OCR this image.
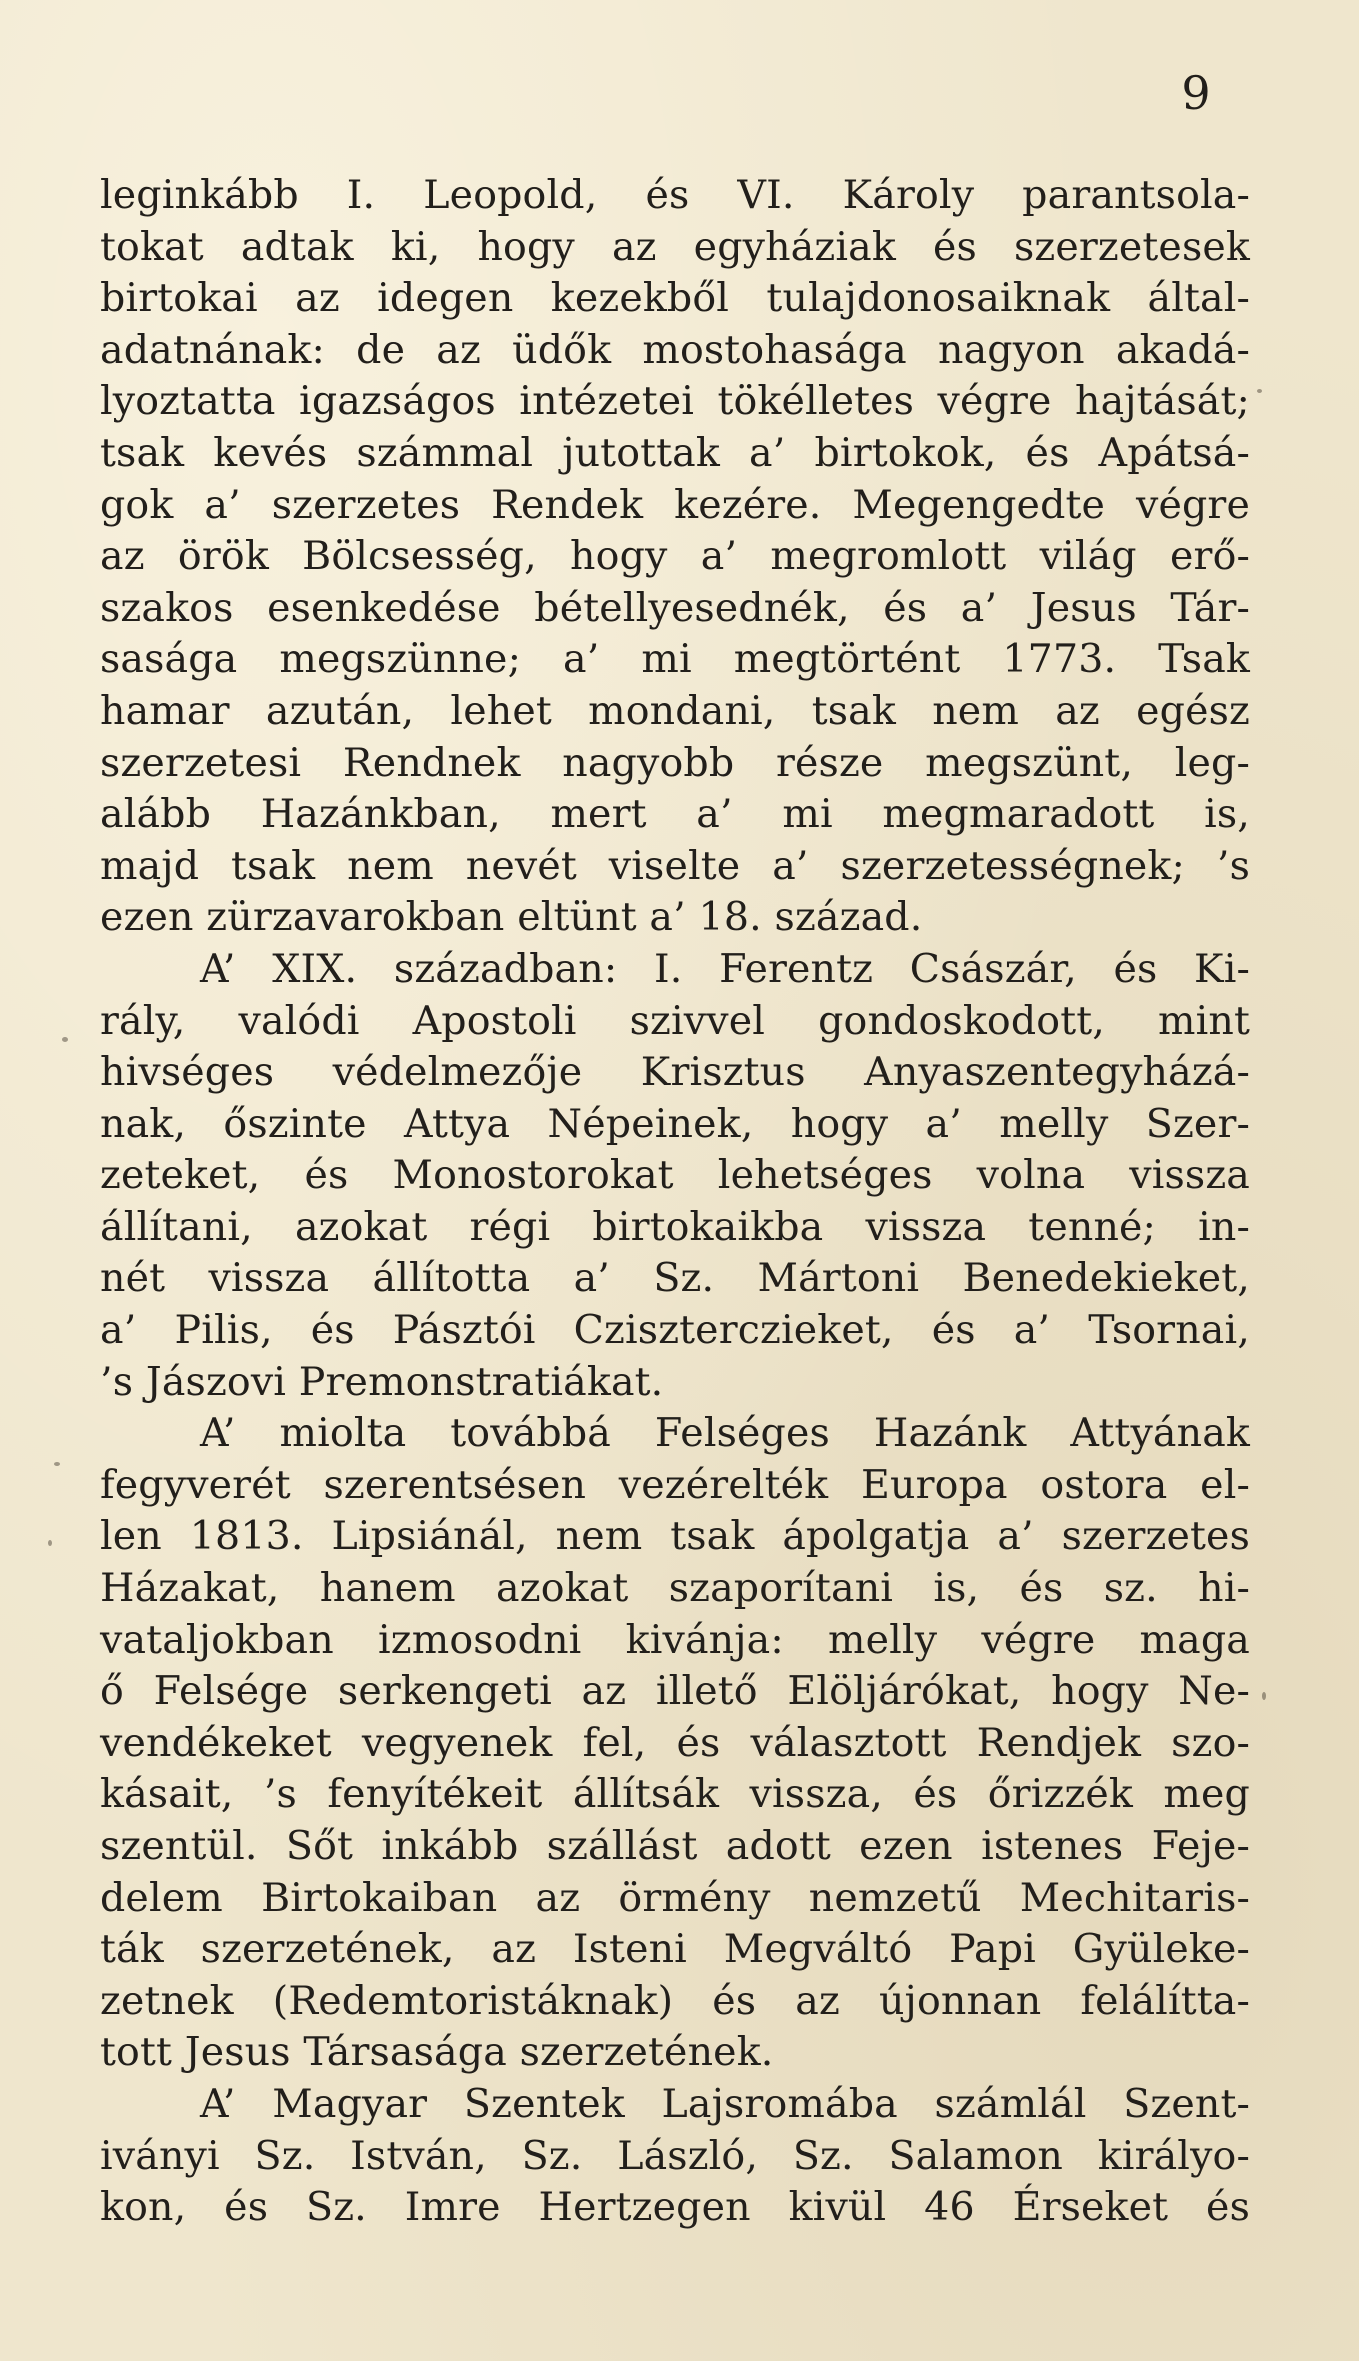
9
leginkább I. Leopold, és VI. Károly parantsola-
tokat adtak ki, hogy az egyháziak és szerzetesek
birtokai az idegen kezekből tulajdonosaiknak által-
adatnának: de az üdők mostohasága nagyon akadá-
lyoztatta igazságos intézetei tökélletes végre hajtását;
tsak kevés számmal jutottak a’ birtokok, és Apátsá-
gok a’ szerzetes Rendek kezére. Megengedte végre
az örök Bölcsesség, hogy a’ megromlott világ erő-
szakos esenkedése bétellyesednék, és a’ Jesus Tár-
sasága megszünne; a’ mi megtörtént 1773. Tsak
hamar azután, lehet mondani, tsak nem az egész
szerzetesi Rendnek nagyobb része megszünt, leg-
alább Hazánkban, mert a’ mi megmaradott is,
majd tsak nem nevét viselte a’ szerzetességnek; ’s
ezen zürzavarokban eltünt a’ 18. század.
A’ XIX. században: I. Ferentz Császár, és Ki-
rály, valódi Apostoli szivvel gondoskodott, mint
hivséges védelmezője Krisztus Anyaszentegyházá-
nak, őszinte Attya Népeinek, hogy a’ melly Szer-
zeteket, és Monostorokat lehetséges volna vissza
állítani, azokat régi birtokaikba vissza tenné; in-
nét vissza állította a’ Sz. Mártoni Benedekieket,
a’ Pilis, és Pásztói Cziszterczieket, és a’ Tsornai,
’s Jászovi Premonstratiákat.
A’ miolta továbbá Felséges Hazánk Attyának
fegyverét szerentsésen vezérelték Europa ostora el-
len 1813. Lipsiánál, nem tsak ápolgatja a’ szerzetes
Házakat, hanem azokat szaporítani is, és sz. hi-
vataljokban izmosodni kivánja: melly végre maga
ő Felsége serkengeti az illető Elöljárókat, hogy Ne-
vendékeket vegyenek fel, és választott Rendjek szo-
kásait, ’s fenyítékeit állítsák vissza, és őrizzék meg
szentül. Sőt inkább szállást adott ezen istenes Feje-
delem Birtokaiban az örmény nemzetű Mechitaris-
ták szerzetének, az Isteni Megváltó Papi Gyüleke-
zetnek (Redemtoristáknak) és az újonnan felálítta-
tott Jesus Társasága szerzetének.
A’ Magyar Szentek Lajsromába számlál Szent-
iványi Sz. István, Sz. László, Sz. Salamon királyo-
kon, és Sz. Imre Hertzegen kivül 46 Érseket és
